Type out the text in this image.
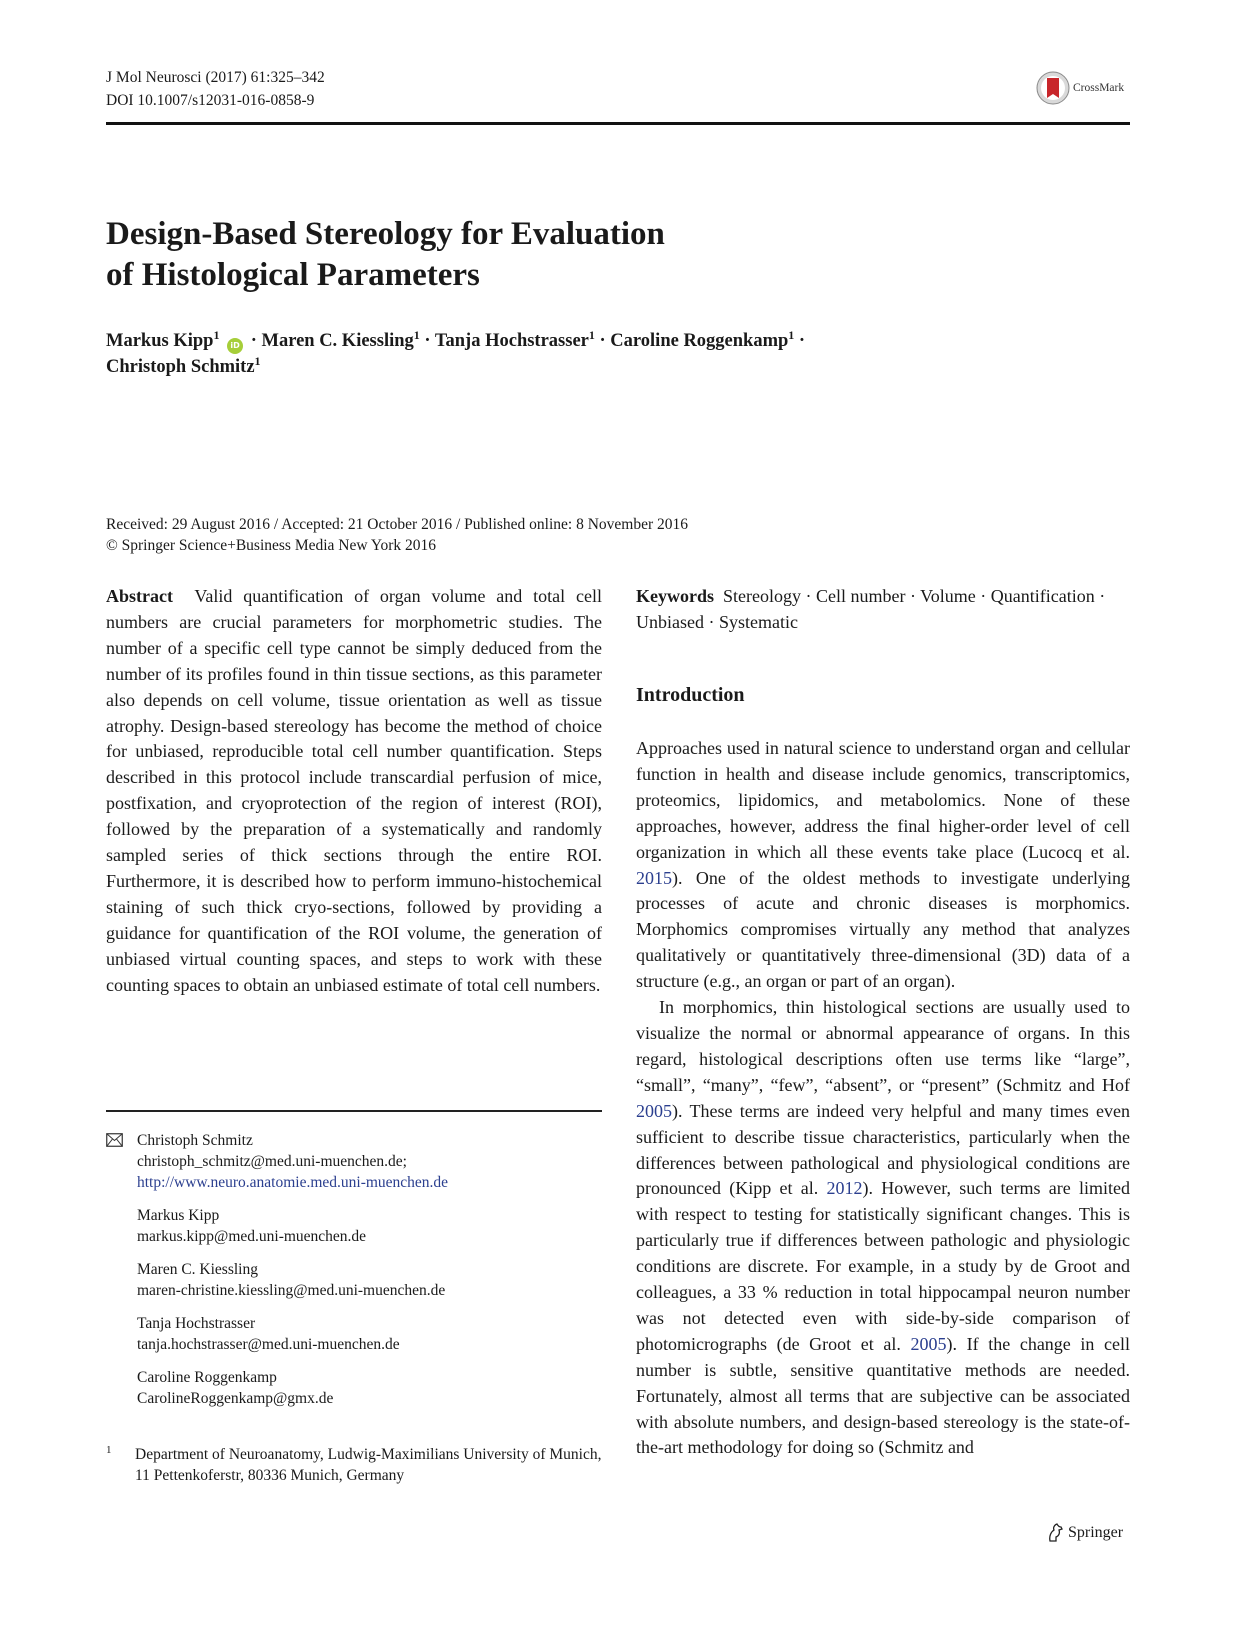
J Mol Neurosci (2017) 61:325–342
DOI 10.1007/s12031-016-0858-9
CrossMark
Design-Based Stereology for Evaluation
of Histological Parameters
Markus Kipp$^1$ iD · Maren C. Kiessling$^1$ · Tanja Hochstrasser$^1$ · Caroline Roggenkamp$^1$ ·
Christoph Schmitz$^1$
Received: 29 August 2016 / Accepted: 21 October 2016 / Published online: 8 November 2016
© Springer Science+Business Media New York 2016
Abstract Valid quantification of organ volume and total cell numbers are crucial parameters for morphometric studies. The number of a specific cell type cannot be simply deduced from the number of its profiles found in thin tissue sections, as this parameter also depends on cell volume, tissue orientation as well as tissue atrophy. Design-based stereology has become the method of choice for unbiased, reproducible total cell number quantification. Steps described in this protocol include transcardial perfusion of mice, postfixation, and cryoprotection of the region of interest (ROI), followed by the preparation of a systematically and randomly sampled series of thick sections through the entire ROI. Furthermore, it is described how to perform immuno-histochemical staining of such thick cryo-sections, followed by providing a guidance for quantification of the ROI volume, the generation of unbiased virtual counting spaces, and steps to work with these counting spaces to obtain an unbiased estimate of total cell numbers.
Keywords Stereology · Cell number · Volume · Quantification · Unbiased · Systematic
Introduction

Approaches used in natural science to understand organ and cellular function in health and disease include genomics, transcriptomics, proteomics, lipidomics, and metabolomics. None of these approaches, however, address the final higher-order level of cell organization in which all these events take place (Lucocq et al. 2015). One of the oldest methods to investigate underlying processes of acute and chronic diseases is morphomics. Morphomics compromises virtually any method that analyzes qualitatively or quantitatively three-dimensional (3D) data of a structure (e.g., an organ or part of an organ).

In morphomics, thin histological sections are usually used to visualize the normal or abnormal appearance of organs. In this regard, histological descriptions often use terms like “large”, “small”, “many”, “few”, “absent”, or “present” (Schmitz and Hof 2005). These terms are indeed very helpful and many times even sufficient to describe tissue characteristics, particularly when the differences between pathological and physiological conditions are pronounced (Kipp et al. 2012). However, such terms are limited with respect to testing for statistically significant changes. This is particularly true if differences between pathologic and physiologic conditions are discrete. For example, in a study by de Groot and colleagues, a 33 % reduction in total hippocampal neuron number was not detected even with side-by-side comparison of photomicrographs (de Groot et al. 2005). If the change in cell number is subtle, sensitive quantitative methods are needed. Fortunately, almost all terms that are subjective can be associated with absolute numbers, and design-based stereology is the state-of-the-art methodology for doing so (Schmitz and

Christoph Schmitz
christoph_schmitz@med.uni-muenchen.de;
http://www.neuro.anatomie.med.uni-muenchen.de
Markus Kipp
markus.kipp@med.uni-muenchen.de
Maren C. Kiessling
maren-christine.kiessling@med.uni-muenchen.de
Tanja Hochstrasser
tanja.hochstrasser@med.uni-muenchen.de
Caroline Roggenkamp
CarolineRoggenkamp@gmx.de
1 Department of Neuroanatomy, Ludwig-Maximilians University of Munich, 11 Pettenkoferstr, 80336 Munich, Germany
Springer
